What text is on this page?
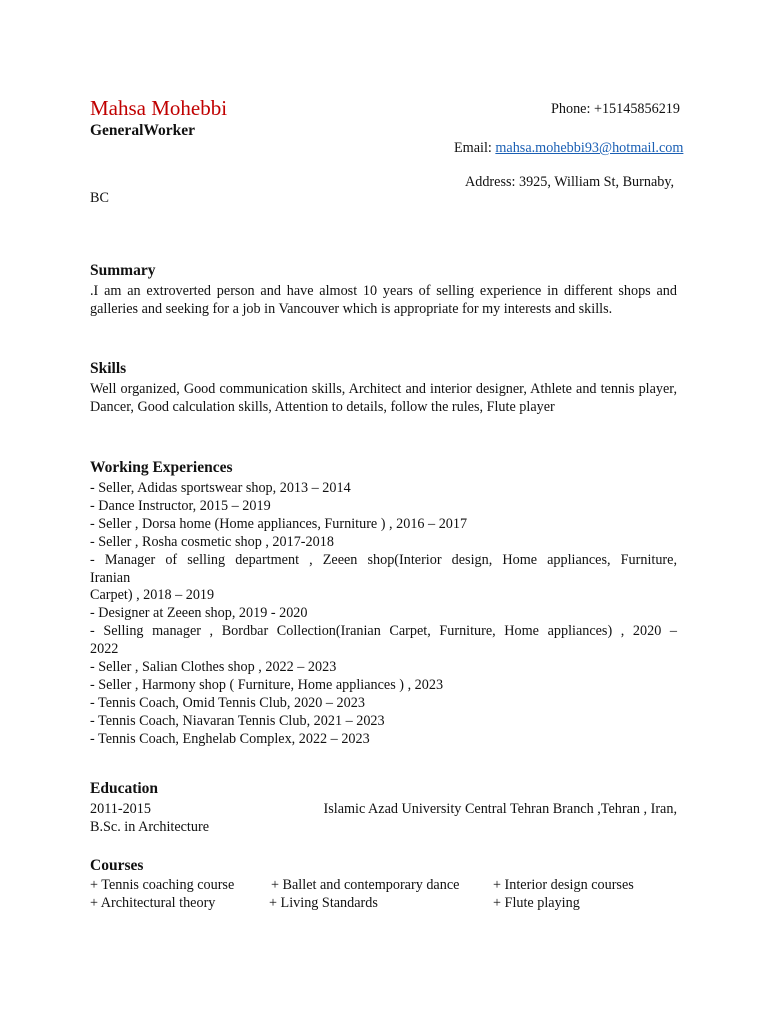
Mahsa Mohebbi
GeneralWorker
Phone: +15145856219
Email: mahsa.mohebbi93@hotmail.com
Address: 3925, William St, Burnaby,
BC
Summary
.I am an extroverted person and have almost 10 years of selling experience in different shops and galleries and seeking for a job in Vancouver which is appropriate for my interests and skills.
Skills
Well organized, Good communication skills, Architect and interior designer, Athlete and tennis player, Dancer, Good calculation skills, Attention to details, follow the rules, Flute player
Working Experiences
- Seller, Adidas sportswear shop, 2013 – 2014
- Dance Instructor, 2015 – 2019
- Seller , Dorsa home (Home appliances, Furniture ) , 2016 – 2017
- Seller , Rosha cosmetic shop , 2017-2018
- Manager of selling department , Zeeen shop(Interior design, Home appliances, Furniture,
Iranian
Carpet) , 2018 – 2019
- Designer at Zeeen shop, 2019 - 2020
- Selling manager , Bordbar Collection(Iranian Carpet, Furniture, Home appliances) , 2020 –
2022
- Seller , Salian Clothes shop , 2022 – 2023
- Seller , Harmony shop ( Furniture, Home appliances ) , 2023
- Tennis Coach, Omid Tennis Club, 2020 – 2023
- Tennis Coach, Niavaran Tennis Club, 2021 – 2023
- Tennis Coach, Enghelab Complex, 2022 – 2023
Education
2011-2015	Islamic Azad University Central Tehran Branch ,Tehran , Iran,
B.Sc. in Architecture
Courses
+ Tennis coaching course	+ Ballet and contemporary dance + Interior design courses
+ Architectural theory	+ Living Standards	+ Flute playing
